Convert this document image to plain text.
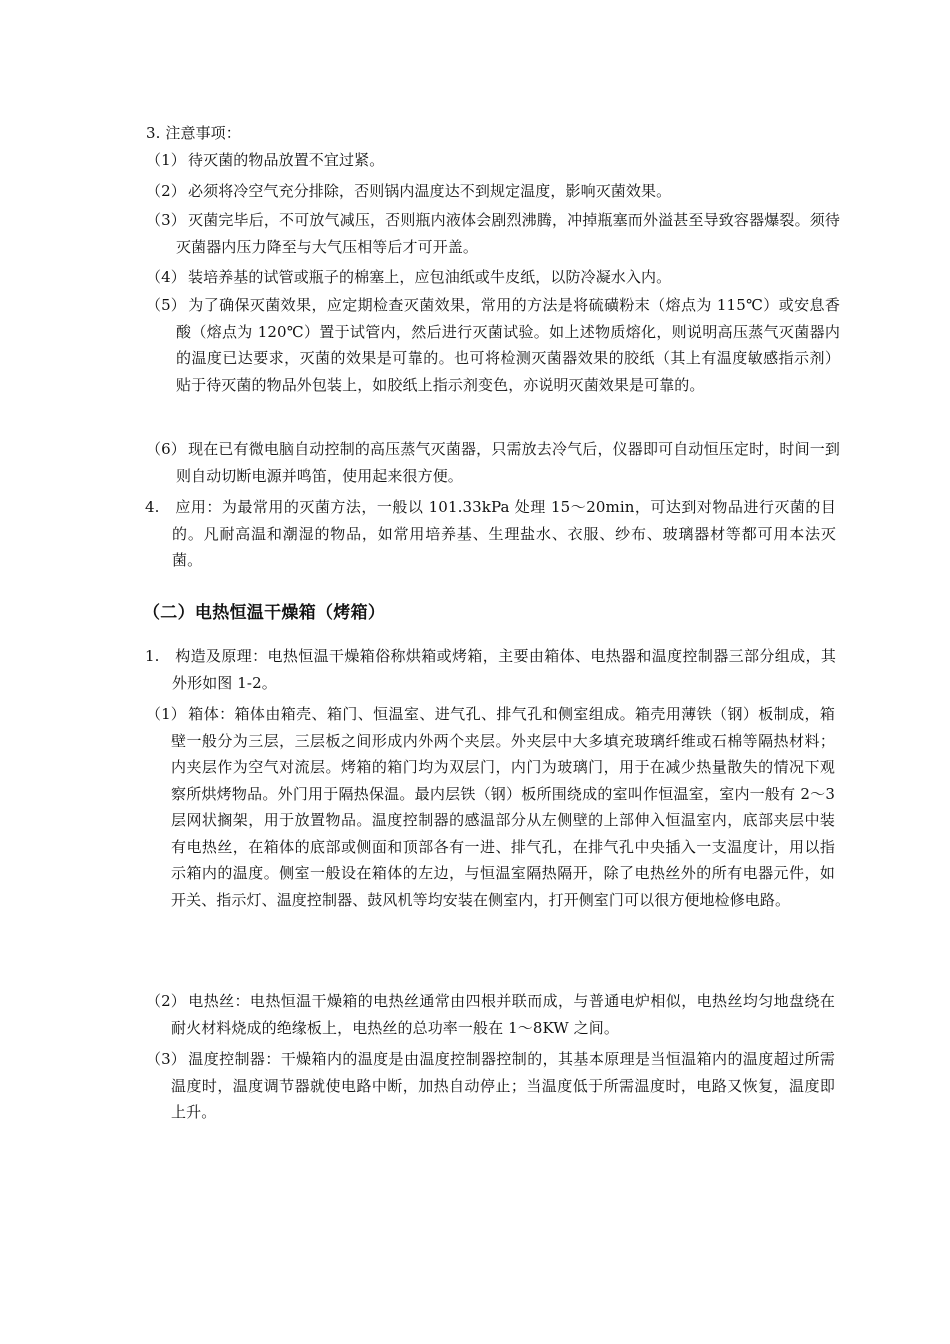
3. 注意事项：

（1） 待灭菌的物品放置不宜过紧。

（2） 必须将冷空气充分排除，否则锅内温度达不到规定温度，影响灭菌效果。

（3） 灭菌完毕后，不可放气减压，否则瓶内液体会剧烈沸腾，冲掉瓶塞而外溢甚至导致容器爆裂。须待灭菌器内压力降至与大气压相等后才可开盖。

（4） 装培养基的试管或瓶子的棉塞上，应包油纸或牛皮纸，以防冷凝水入内。

（5） 为了确保灭菌效果，应定期检查灭菌效果，常用的方法是将硫磺粉末（熔点为 115℃）或安息香酸（熔点为 120℃）置于试管内，然后进行灭菌试验。如上述物质熔化，则说明高压蒸气灭菌器内的温度已达要求，灭菌的效果是可靠的。也可将检测灭菌器效果的胶纸（其上有温度敏感指示剂）贴于待灭菌的物品外包装上，如胶纸上指示剂变色，亦说明灭菌效果是可靠的。

（6） 现在已有微电脑自动控制的高压蒸气灭菌器，只需放去冷气后，仪器即可自动恒压定时，时间一到则自动切断电源并鸣笛，使用起来很方便。

4. 应用：为最常用的灭菌方法，一般以 101.33kPa 处理 15～20min，可达到对物品进行灭菌的目的。凡耐高温和潮湿的物品，如常用培养基、生理盐水、衣服、纱布、玻璃器材等都可用本法灭菌。

（二）电热恒温干燥箱（烤箱）

1. 构造及原理：电热恒温干燥箱俗称烘箱或烤箱，主要由箱体、电热器和温度控制器三部分组成，其外形如图 1-2。

（1） 箱体：箱体由箱壳、箱门、恒温室、进气孔、排气孔和侧室组成。箱壳用薄铁（钢）板制成，箱壁一般分为三层，三层板之间形成内外两个夹层。外夹层中大多填充玻璃纤维或石棉等隔热材料；内夹层作为空气对流层。烤箱的箱门均为双层门，内门为玻璃门，用于在减少热量散失的情况下观察所烘烤物品。外门用于隔热保温。最内层铁（钢）板所围绕成的室叫作恒温室，室内一般有 2～3 层网状搁架，用于放置物品。温度控制器的感温部分从左侧壁的上部伸入恒温室内，底部夹层中装有电热丝，在箱体的底部或侧面和顶部各有一进、排气孔，在排气孔中央插入一支温度计，用以指示箱内的温度。侧室一般设在箱体的左边，与恒温室隔热隔开，除了电热丝外的所有电器元件，如开关、指示灯、温度控制器、鼓风机等均安装在侧室内，打开侧室门可以很方便地检修电路。

（2） 电热丝：电热恒温干燥箱的电热丝通常由四根并联而成，与普通电炉相似，电热丝均匀地盘绕在耐火材料烧成的绝缘板上，电热丝的总功率一般在 1～8KW 之间。

（3） 温度控制器：干燥箱内的温度是由温度控制器控制的，其基本原理是当恒温箱内的温度超过所需温度时，温度调节器就使电路中断，加热自动停止；当温度低于所需温度时，电路又恢复，温度即上升。
